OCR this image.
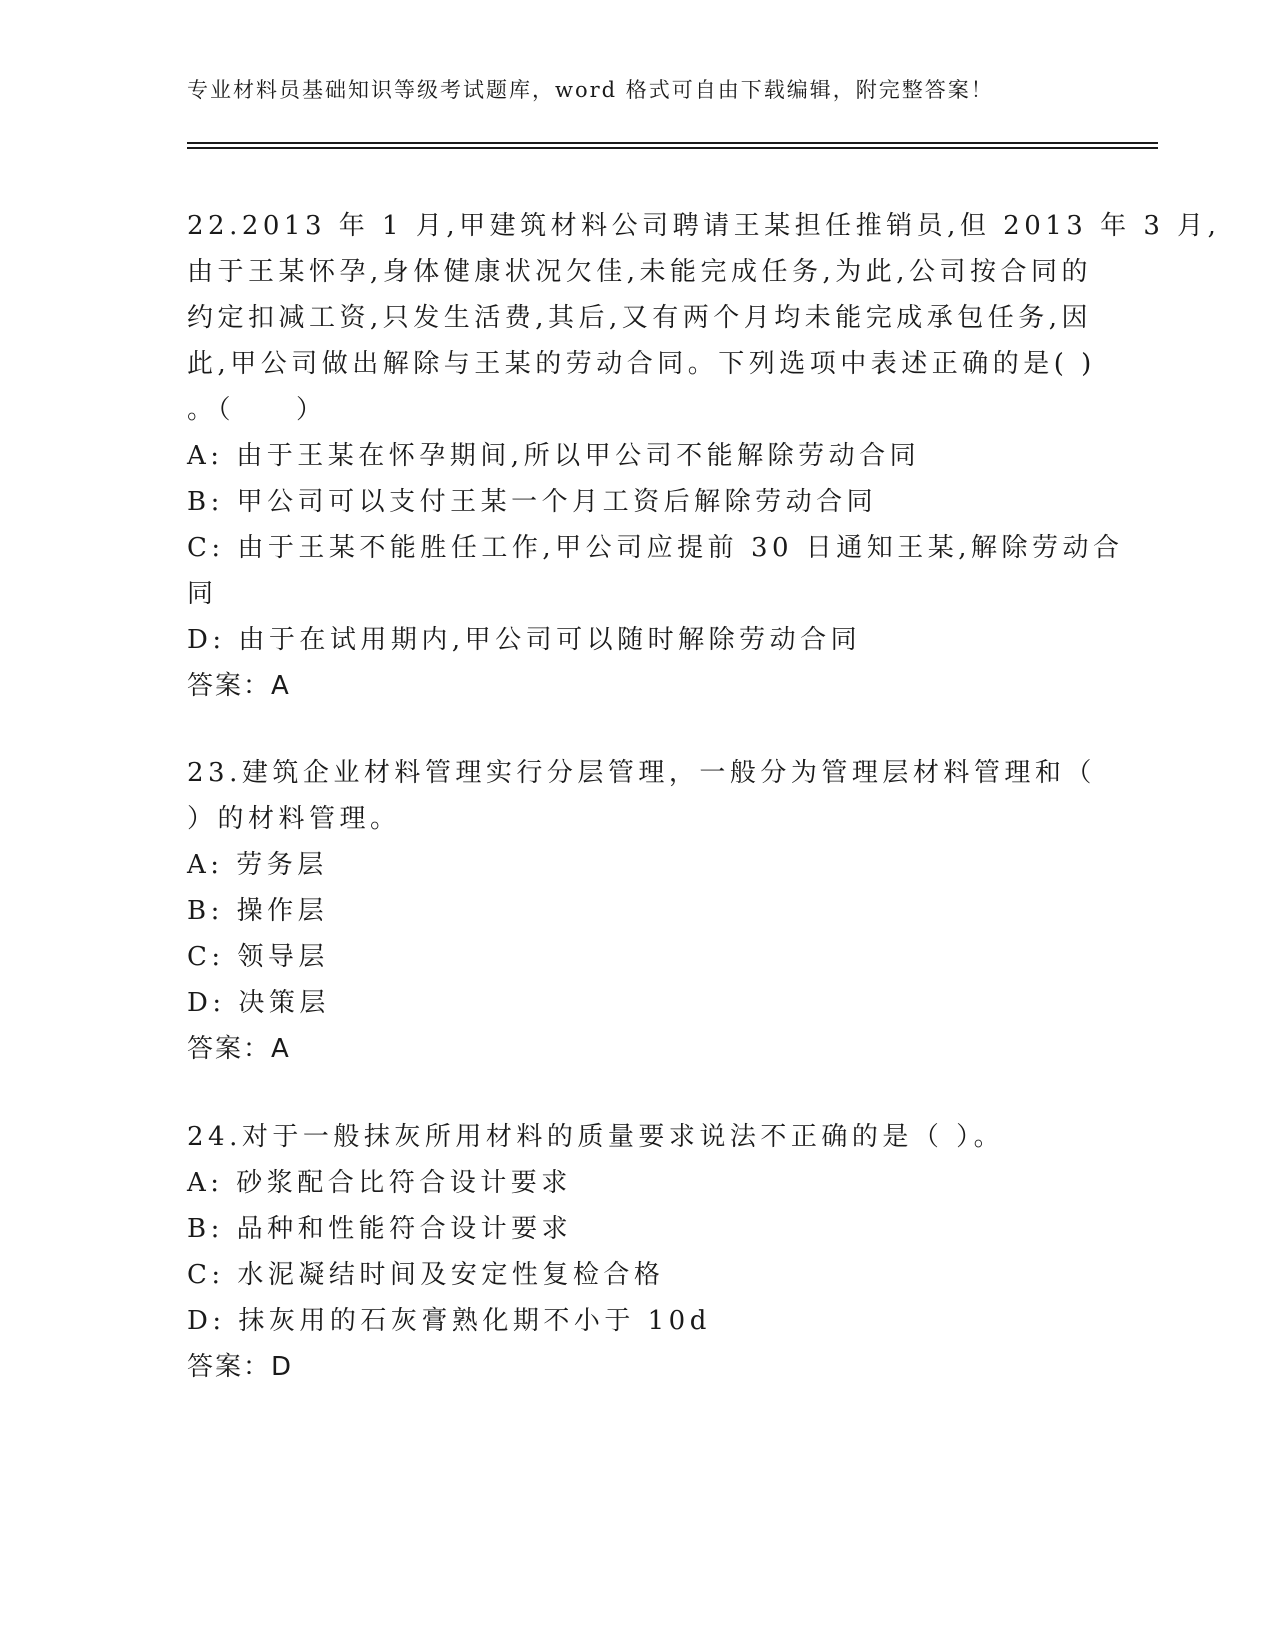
专业材料员基础知识等级考试题库，word 格式可自由下载编辑，附完整答案！
22.2013 年 1 月,甲建筑材料公司聘请王某担任推销员,但 2013 年 3 月,
由于王某怀孕,身体健康状况欠佳,未能完成任务,为此,公司按合同的
约定扣减工资,只发生活费,其后,又有两个月均未能完成承包任务,因
此,甲公司做出解除与王某的劳动合同。下列选项中表述正确的是( )
。（　　）
A: 由于王某在怀孕期间,所以甲公司不能解除劳动合同
B: 甲公司可以支付王某一个月工资后解除劳动合同
C: 由于王某不能胜任工作,甲公司应提前 30 日通知王某,解除劳动合
同
D: 由于在试用期内,甲公司可以随时解除劳动合同
答案：A
23.建筑企业材料管理实行分层管理，一般分为管理层材料管理和（
）的材料管理。
A: 劳务层
B: 操作层
C: 领导层
D: 决策层
答案：A
24.对于一般抹灰所用材料的质量要求说法不正确的是（ ）。
A: 砂浆配合比符合设计要求
B: 品种和性能符合设计要求
C: 水泥凝结时间及安定性复检合格
D: 抹灰用的石灰膏熟化期不小于 10d
答案：D
